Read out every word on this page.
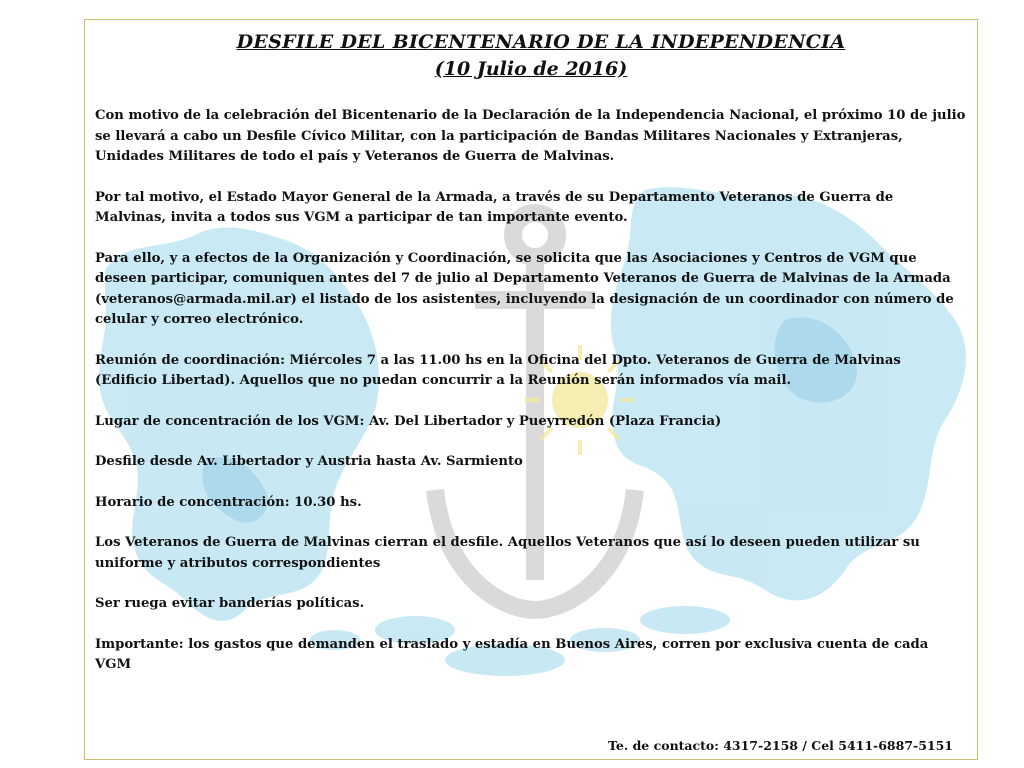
DESFILE DEL BICENTENARIO DE LA INDEPENDENCIA

(10 Julio de 2016)

Con motivo de la celebración del Bicentenario de la Declaración de la Independencia Nacional, el próximo 10 de julio se llevará a cabo un Desfile Cívico Militar, con la participación de Bandas Militares Nacionales y Extranjeras, Unidades Militares de todo el país y Veteranos de Guerra de Malvinas.

Por tal motivo, el Estado Mayor General de la Armada, a través de su Departamento Veteranos de Guerra de Malvinas, invita a todos sus VGM a participar de tan importante evento.

Para ello, y a efectos de la Organización y Coordinación, se solicita que las Asociaciones y Centros de VGM que deseen participar, comuniquen antes del 7 de julio al Departamento Veteranos de Guerra de Malvinas de la Armada (veteranos@armada.mil.ar) el listado de los asistentes, incluyendo la designación de un coordinador con número de celular y correo electrónico.

Reunión de coordinación: Miércoles 7 a las 11.00 hs en la Oficina del Dpto. Veteranos de Guerra de Malvinas (Edificio Libertad). Aquellos que no puedan concurrir a la Reunión serán informados vía mail.

Lugar de concentración de los VGM: Av. Del Libertador y Pueyrredón (Plaza Francia)

Desfile desde Av. Libertador y Austria hasta Av. Sarmiento

Horario de concentración: 10.30 hs.

Los Veteranos de Guerra de Malvinas cierran el desfile. Aquellos Veteranos que así lo deseen pueden utilizar su uniforme y atributos correspondientes

Ser ruega evitar banderías políticas.

Importante: los gastos que demanden el traslado y estadía en Buenos Aires, corren por exclusiva cuenta de cada VGM

Te. de contacto: 4317-2158 / Cel 5411-6887-5151
